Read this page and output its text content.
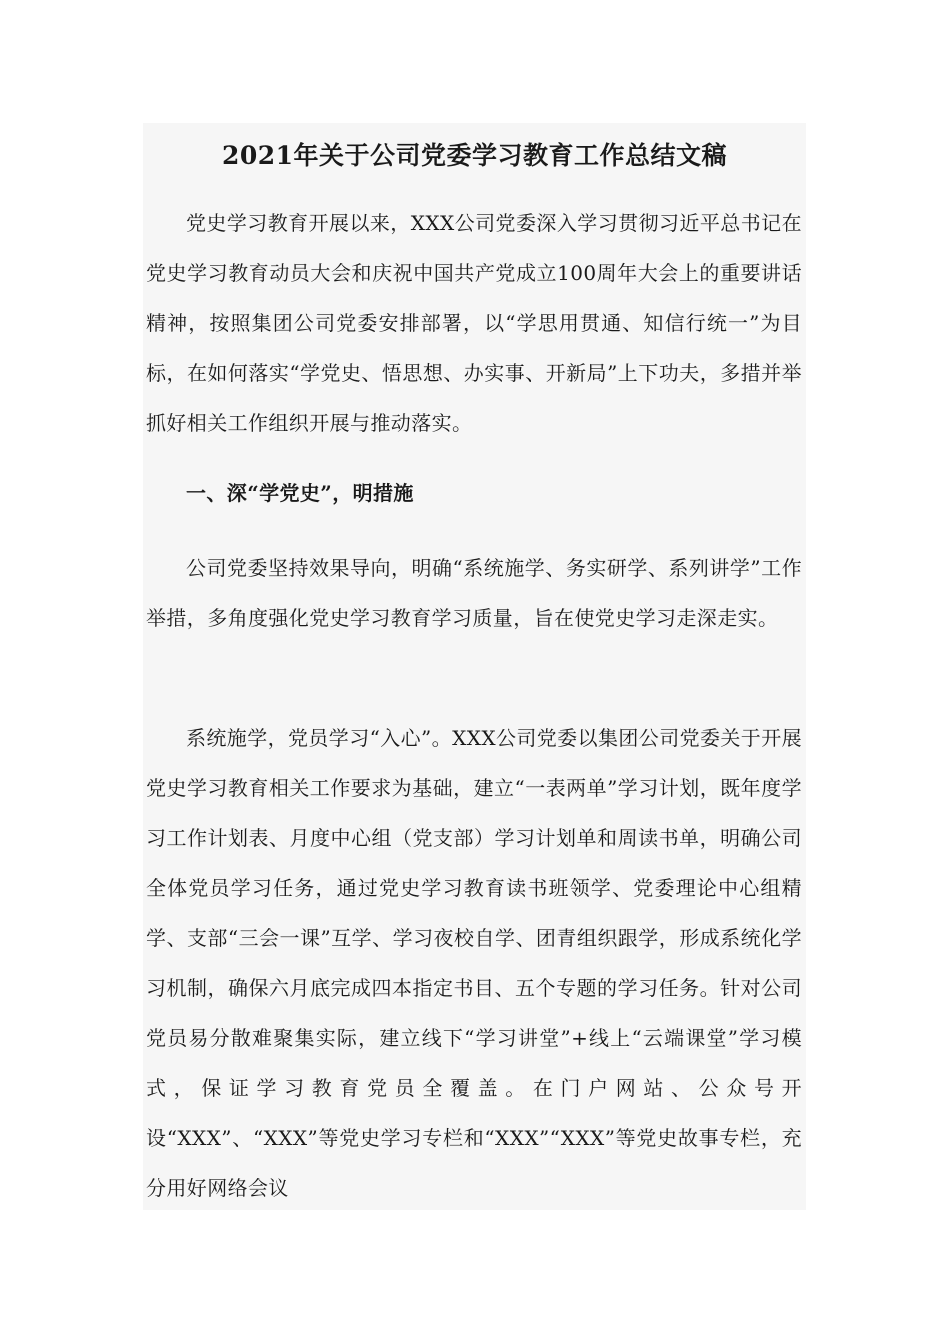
2021年关于公司党委学习教育工作总结文稿

党史学习教育开展以来，XXX公司党委深入学习贯彻习近平总书记在党史学习教育动员大会和庆祝中国共产党成立100周年大会上的重要讲话精神，按照集团公司党委安排部署，以“学思用贯通、知信行统一”为目标，在如何落实“学党史、悟思想、办实事、开新局”上下功夫，多措并举抓好相关工作组织开展与推动落实。

一、深“学党史”，明措施

公司党委坚持效果导向，明确“系统施学、务实研学、系列讲学”工作举措，多角度强化党史学习教育学习质量，旨在使党史学习走深走实。

系统施学，党员学习“入心”。XXX公司党委以集团公司党委关于开展党史学习教育相关工作要求为基础，建立“一表两单”学习计划，既年度学习工作计划表、月度中心组（党支部）学习计划单和周读书单，明确公司全体党员学习任务，通过党史学习教育读书班领学、党委理论中心组精学、支部“三会一课”互学、学习夜校自学、团青组织跟学，形成系统化学习机制，确保六月底完成四本指定书目、五个专题的学习任务。针对公司党员易分散难聚集实际，建立线下“学习讲堂”+线上“云端课堂”学习模式，保证学习教育党员全覆盖。在门户网站、公众号开设“XXX”、“XXX”等党史学习专栏和“XXX”“XXX”等党史故事专栏，充分用好网络会议
